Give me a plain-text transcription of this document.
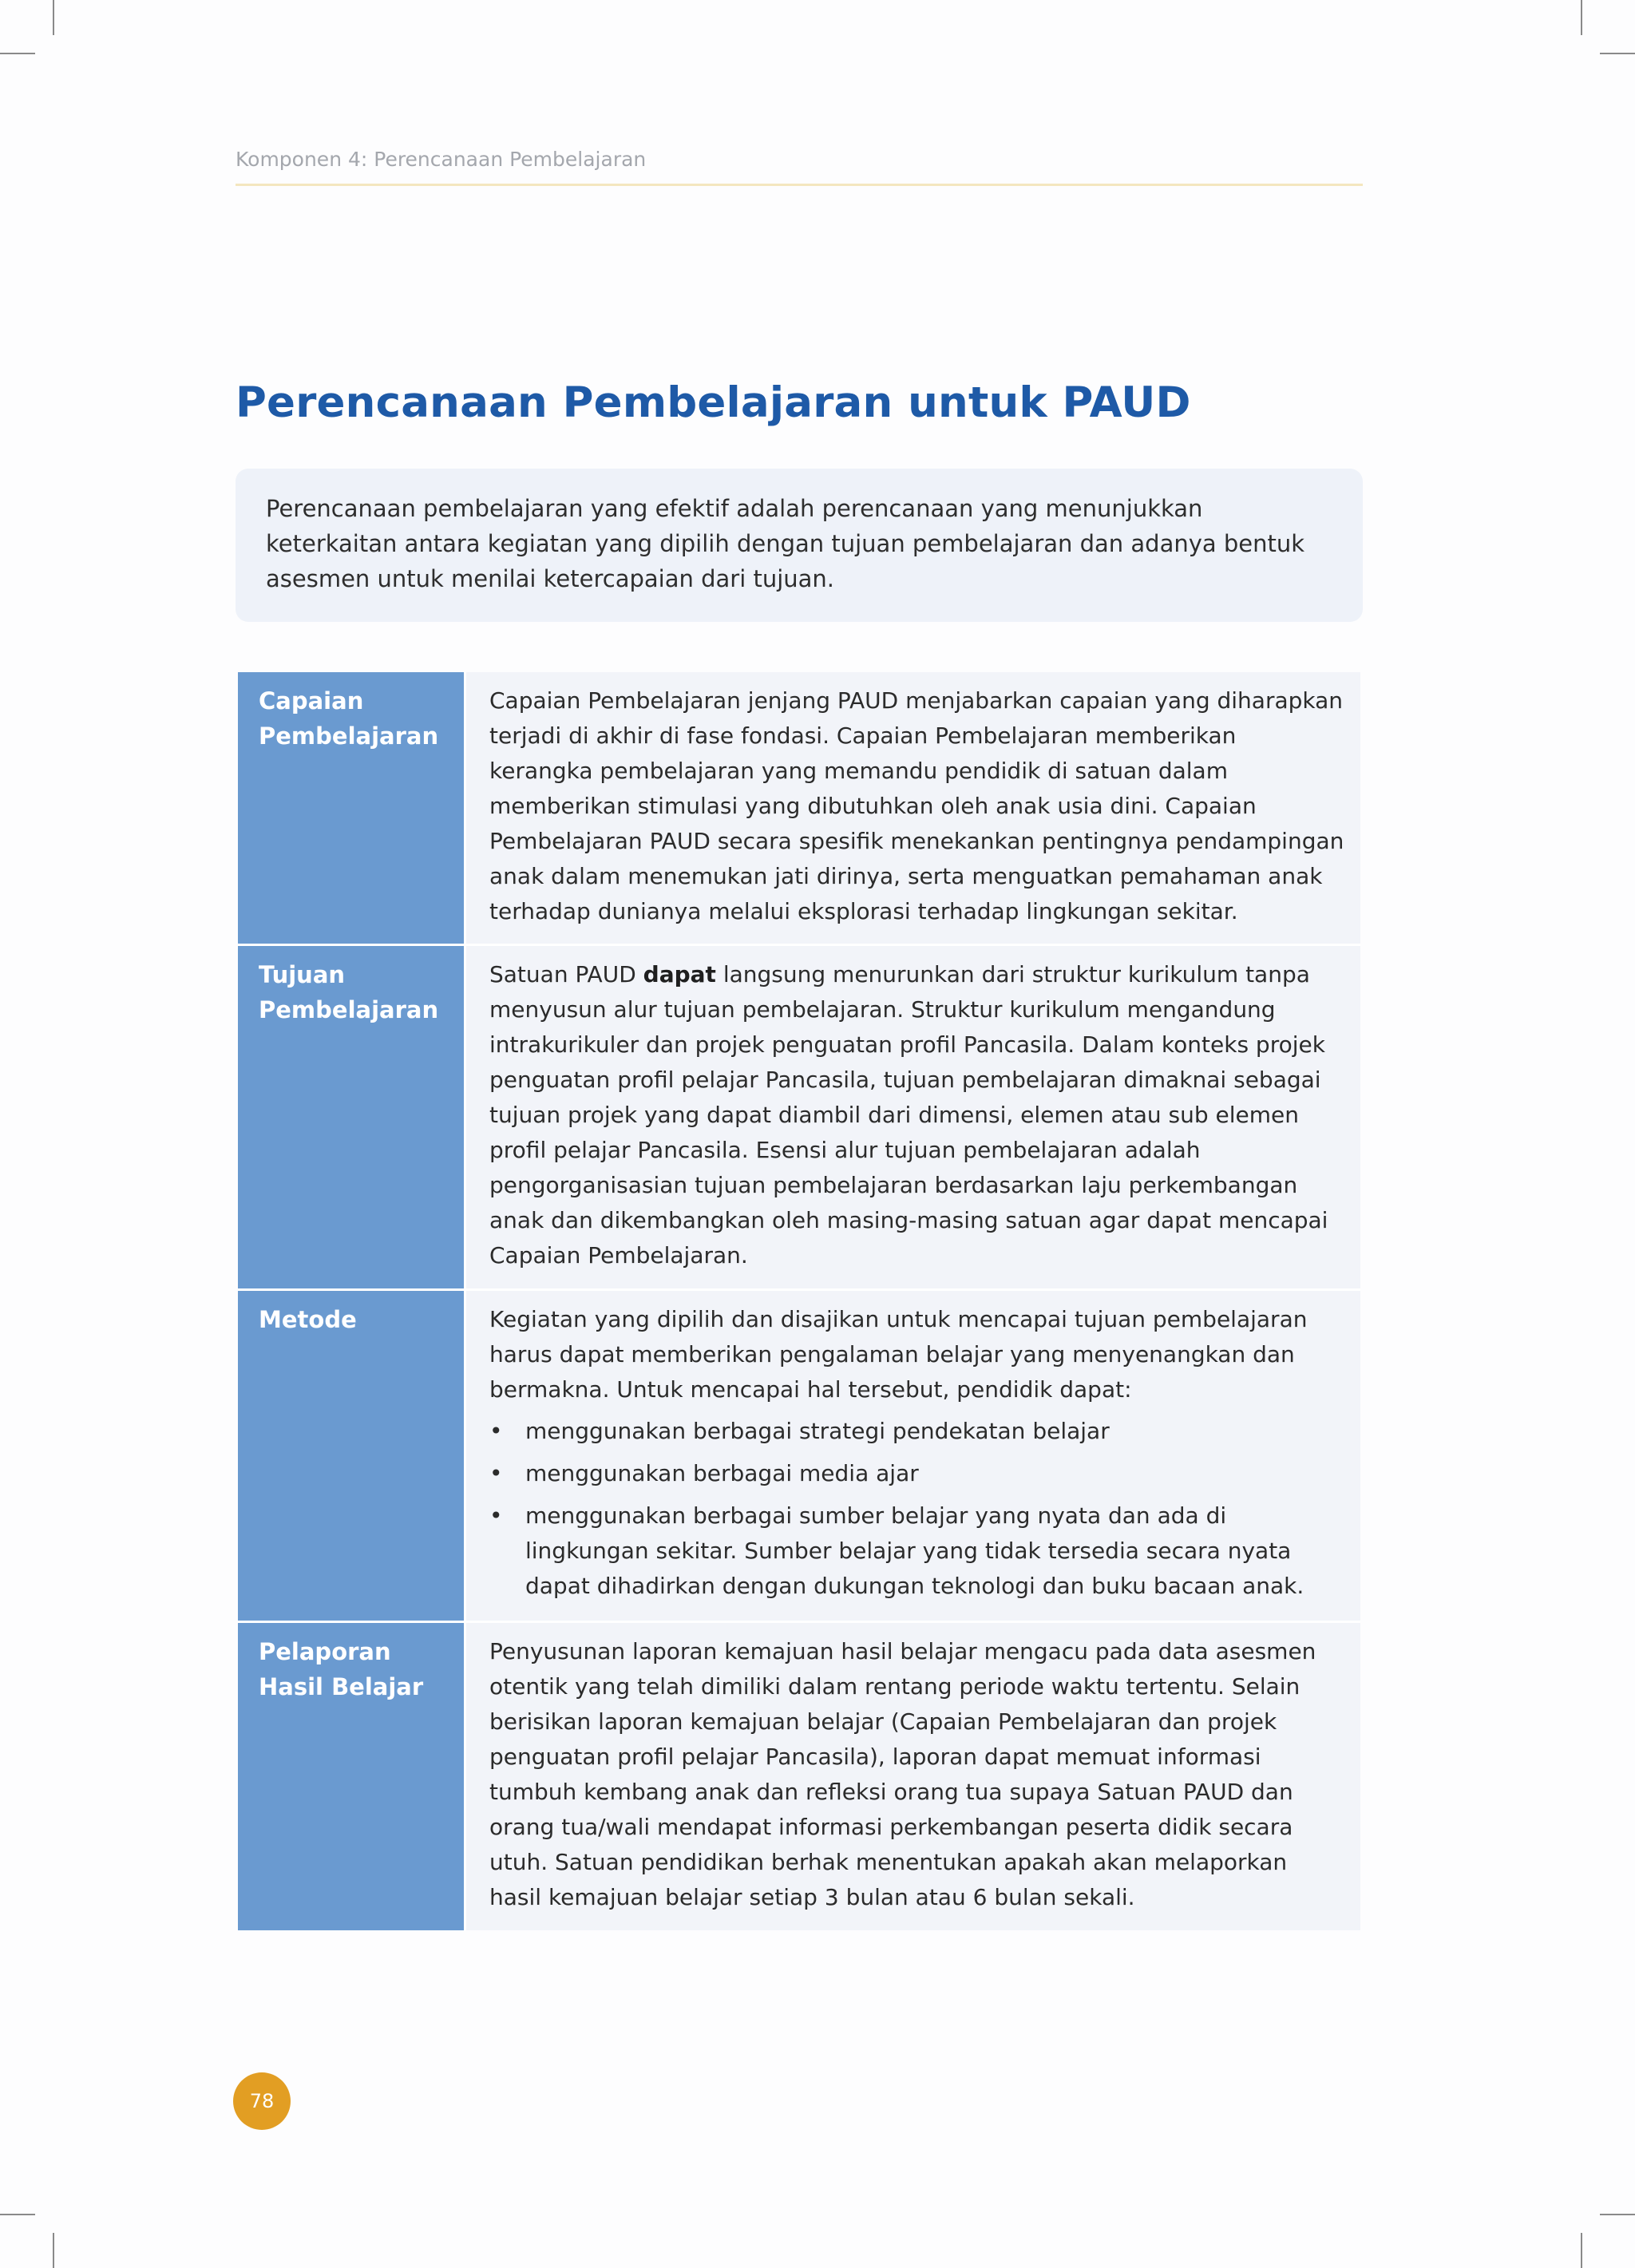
Komponen 4: Perencanaan Pembelajaran
Perencanaan Pembelajaran untuk PAUD
Perencanaan pembelajaran yang efektif adalah perencanaan yang menunjukkan keterkaitan antara kegiatan yang dipilih dengan tujuan pembelajaran dan adanya bentuk asesmen untuk menilai ketercapaian dari tujuan.
Capaian
Pembelajaran
Capaian Pembelajaran jenjang PAUD menjabarkan capaian yang diharapkan terjadi di akhir di fase fondasi. Capaian Pembelajaran memberikan kerangka pembelajaran yang memandu pendidik di satuan dalam memberikan stimulasi yang dibutuhkan oleh anak usia dini. Capaian Pembelajaran PAUD secara spesifik menekankan pentingnya pendampingan anak dalam menemukan jati dirinya, serta menguatkan pemahaman anak terhadap dunianya melalui eksplorasi terhadap lingkungan sekitar.
Tujuan
Pembelajaran
Satuan PAUD dapat langsung menurunkan dari struktur kurikulum tanpa menyusun alur tujuan pembelajaran. Struktur kurikulum mengandung intrakurikuler dan projek penguatan profil Pancasila. Dalam konteks projek penguatan profil pelajar Pancasila, tujuan pembelajaran dimaknai sebagai tujuan projek yang dapat diambil dari dimensi, elemen atau sub elemen profil pelajar Pancasila. Esensi alur tujuan pembelajaran adalah pengorganisasian tujuan pembelajaran berdasarkan laju perkembangan anak dan dikembangkan oleh masing-masing satuan agar dapat mencapai Capaian Pembelajaran.
Metode	Kegiatan yang dipilih dan disajikan untuk mencapai tujuan pembelajaran harus dapat memberikan pengalaman belajar yang menyenangkan dan bermakna. Untuk mencapai hal tersebut, pendidik dapat:
• menggunakan berbagai strategi pendekatan belajar
• menggunakan berbagai media ajar
• menggunakan berbagai sumber belajar yang nyata dan ada di lingkungan sekitar. Sumber belajar yang tidak tersedia secara nyata dapat dihadirkan dengan dukungan teknologi dan buku bacaan anak.
Pelaporan
Hasil Belajar
Penyusunan laporan kemajuan hasil belajar mengacu pada data asesmen otentik yang telah dimiliki dalam rentang periode waktu tertentu. Selain berisikan laporan kemajuan belajar (Capaian Pembelajaran dan projek penguatan profil pelajar Pancasila), laporan dapat memuat informasi tumbuh kembang anak dan refleksi orang tua supaya Satuan PAUD dan orang tua/wali mendapat informasi perkembangan peserta didik secara utuh. Satuan pendidikan berhak menentukan apakah akan melaporkan hasil kemajuan belajar setiap 3 bulan atau 6 bulan sekali.
78
